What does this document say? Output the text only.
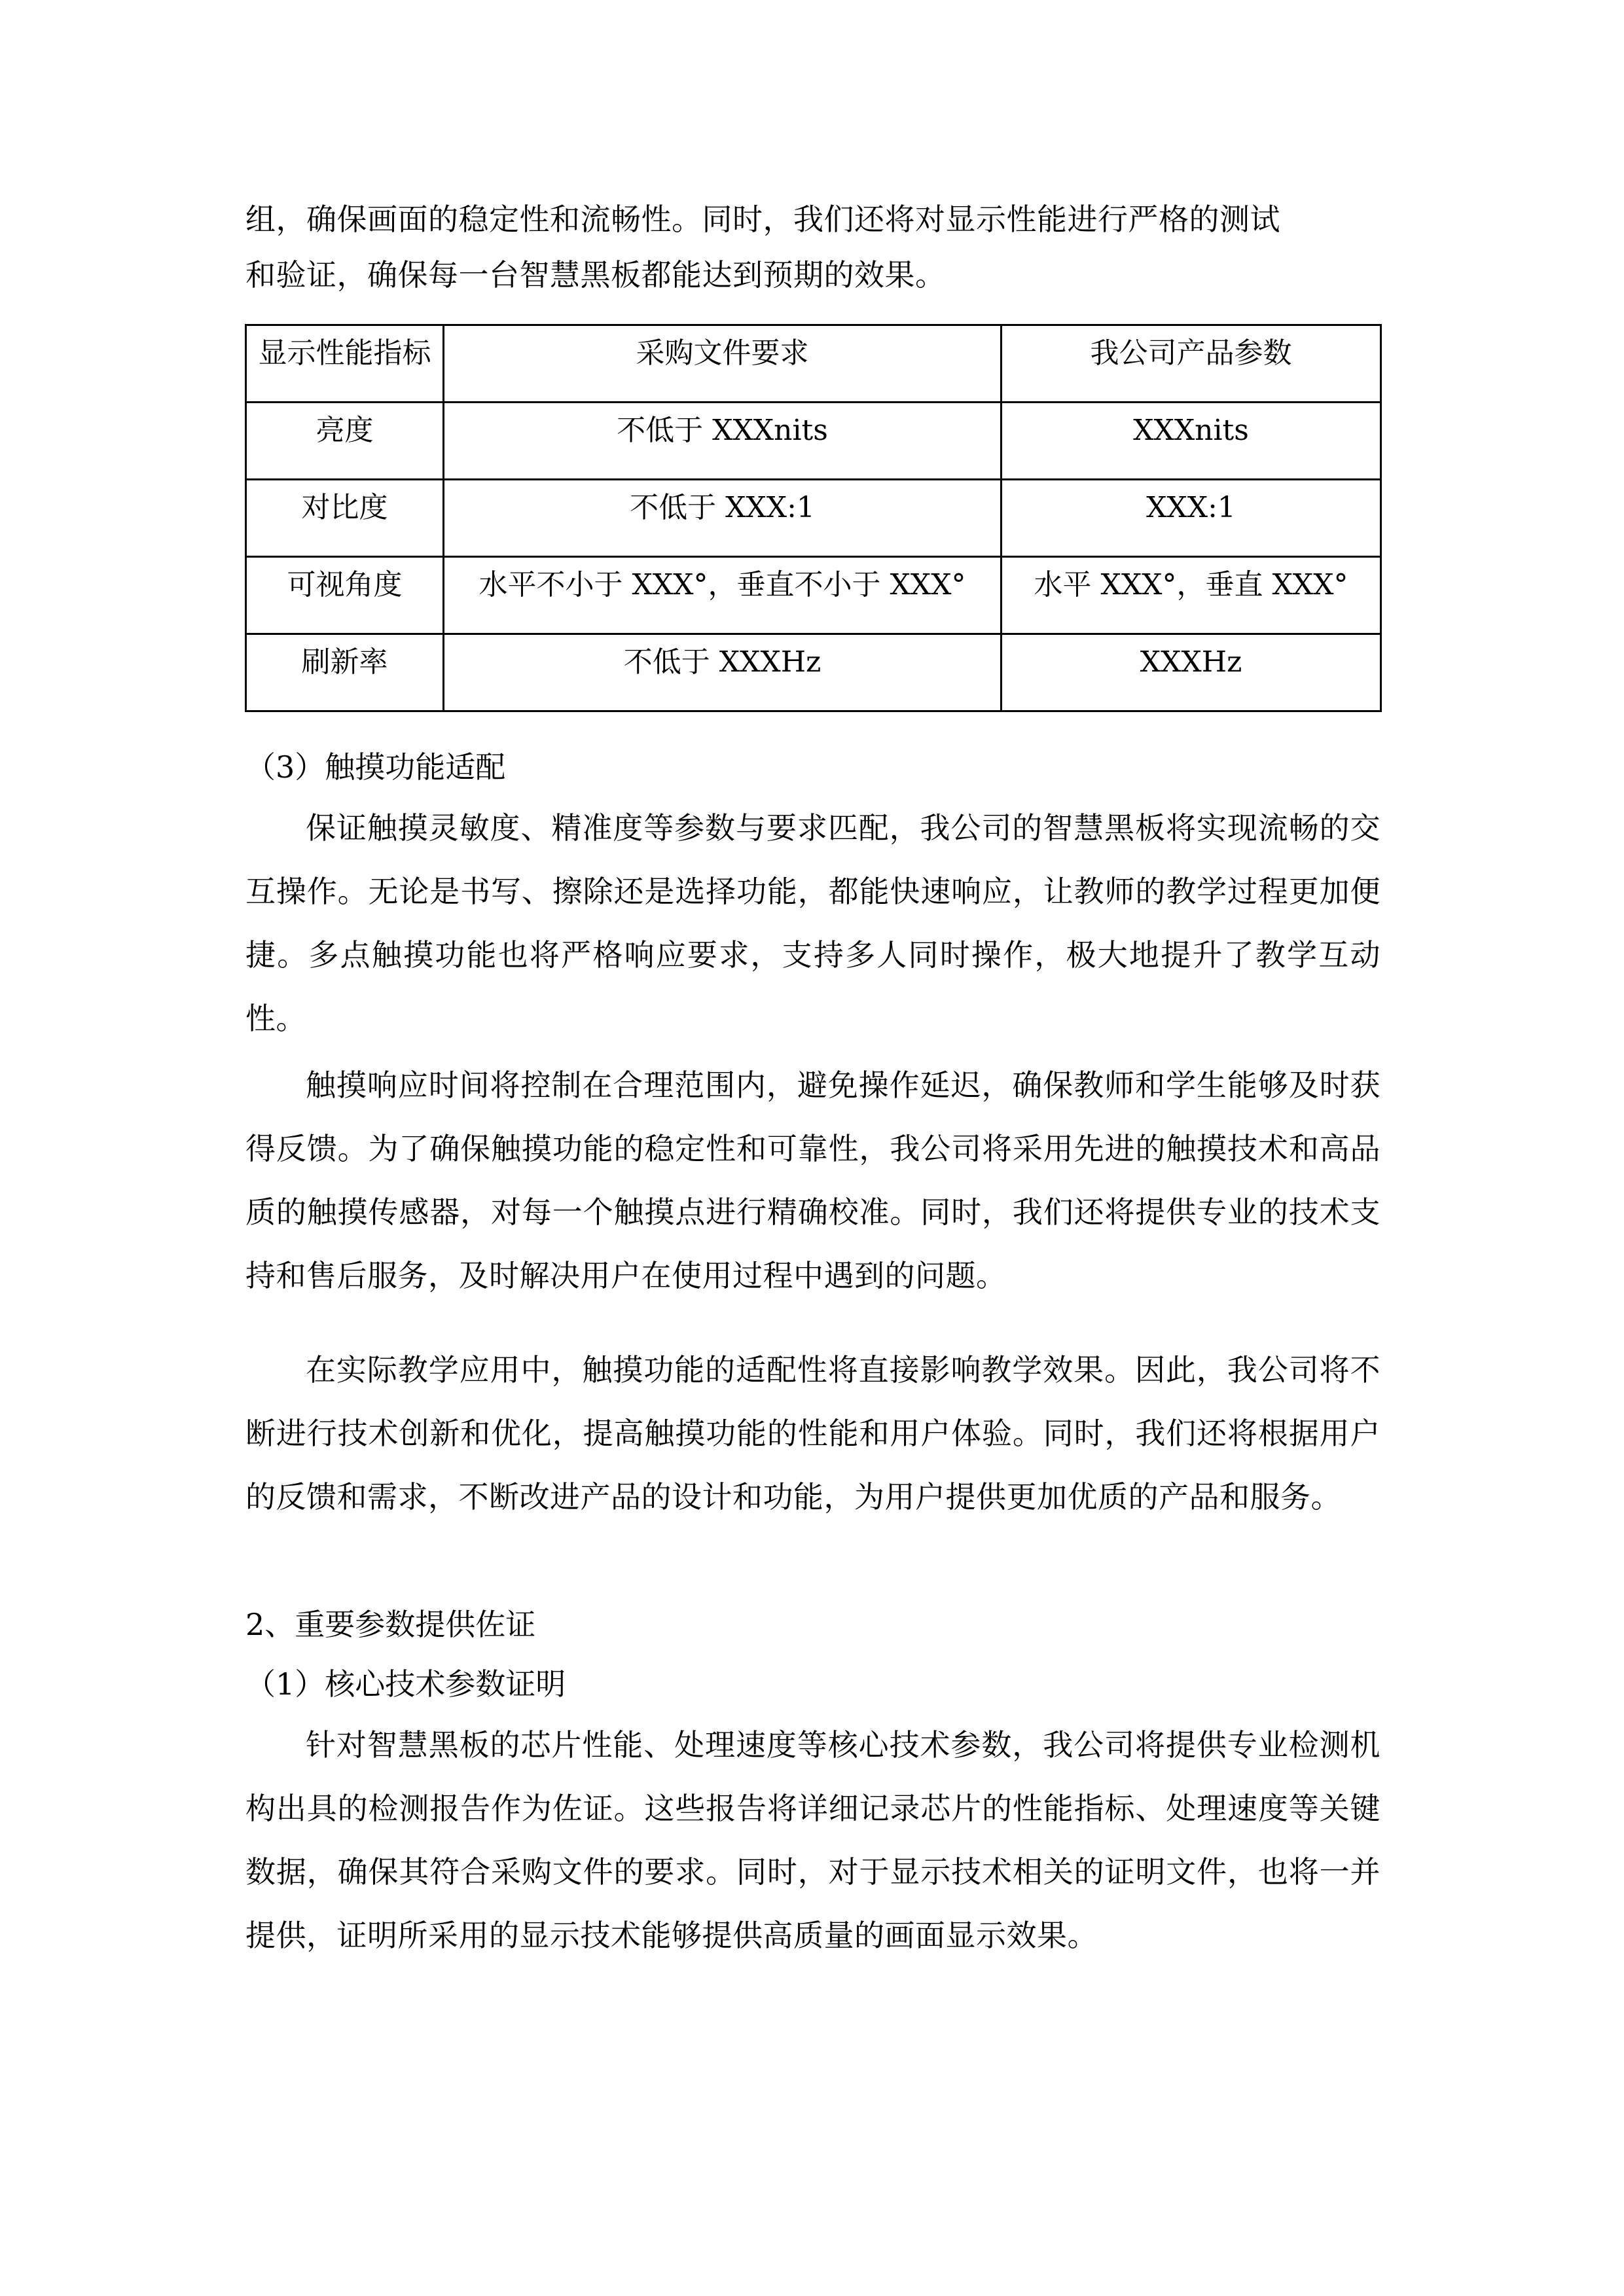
组，确保画面的稳定性和流畅性。同时，我们还将对显示性能进行严格的测试
和验证，确保每一台智慧黑板都能达到预期的效果。
（3）触摸功能适配
保证触摸灵敏度、精准度等参数与要求匹配，我公司的智慧黑板将实现流畅的交互操作。无论是书写、擦除还是选择功能，都能快速响应，让教师的教学过程更加便捷。多点触摸功能也将严格响应要求，支持多人同时操作，极大地提升了教学互动性。
触摸响应时间将控制在合理范围内，避免操作延迟，确保教师和学生能够及时获得反馈。为了确保触摸功能的稳定性和可靠性，我公司将采用先进的触摸技术和高品质的触摸传感器，对每一个触摸点进行精确校准。同时，我们还将提供专业的技术支持和售后服务，及时解决用户在使用过程中遇到的问题。
在实际教学应用中，触摸功能的适配性将直接影响教学效果。因此，我公司将不断进行技术创新和优化，提高触摸功能的性能和用户体验。同时，我们还将根据用户的反馈和需求，不断改进产品的设计和功能，为用户提供更加优质的产品和服务。
2、重要参数提供佐证
（1）核心技术参数证明
针对智慧黑板的芯片性能、处理速度等核心技术参数，我公司将提供专业检测机构出具的检测报告作为佐证。这些报告将详细记录芯片的性能指标、处理速度等关键数据，确保其符合采购文件的要求。同时，对于显示技术相关的证明文件，也将一并提供，证明所采用的显示技术能够提供高质量的画面显示效果。
显示性能指标	采购文件要求	我公司产品参数
亮度	不低于 XXXnits	XXXnits
对比度	不低于 XXX:1	XXX:1
可视角度	水平不小于 XXX°，垂直不小于 XXX°	水平 XXX°，垂直 XXX°
刷新率	不低于 XXXHz	XXXHz
